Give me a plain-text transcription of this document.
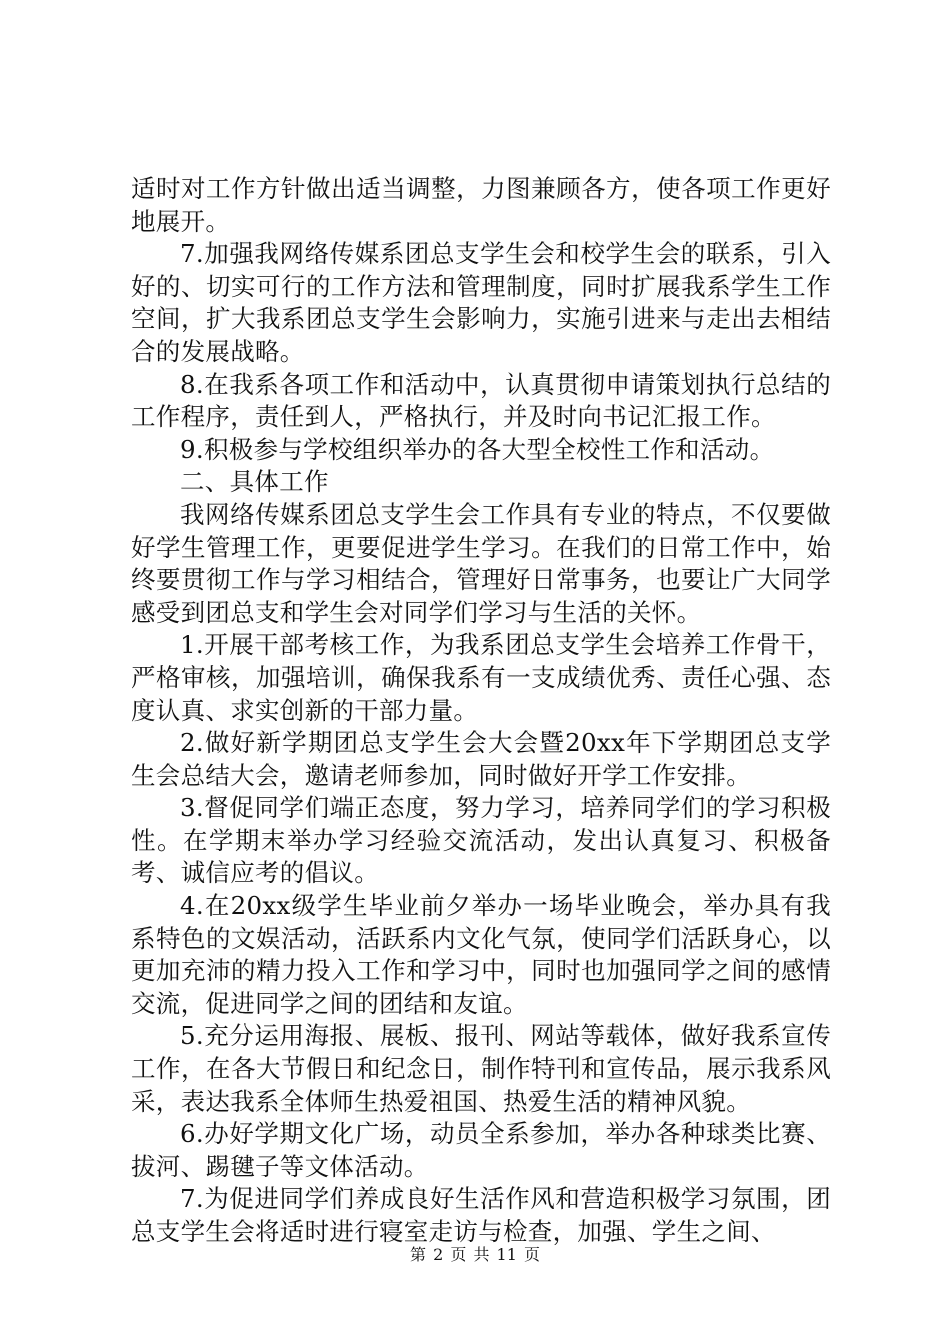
适时对工作方针做出适当调整，力图兼顾各方，使各项工作更好地展开。

7.加强我网络传媒系团总支学生会和校学生会的联系，引入好的、切实可行的工作方法和管理制度，同时扩展我系学生工作空间，扩大我系团总支学生会影响力，实施引进来与走出去相结合的发展战略。

8.在我系各项工作和活动中，认真贯彻申请策划执行总结的工作程序，责任到人，严格执行，并及时向书记汇报工作。

9.积极参与学校组织举办的各大型全校性工作和活动。

二、具体工作

我网络传媒系团总支学生会工作具有专业的特点，不仅要做好学生管理工作，更要促进学生学习。在我们的日常工作中，始终要贯彻工作与学习相结合，管理好日常事务，也要让广大同学感受到团总支和学生会对同学们学习与生活的关怀。

1.开展干部考核工作，为我系团总支学生会培养工作骨干，严格审核，加强培训，确保我系有一支成绩优秀、责任心强、态度认真、求实创新的干部力量。

2.做好新学期团总支学生会大会暨20xx年下学期团总支学生会总结大会，邀请老师参加，同时做好开学工作安排。

3.督促同学们端正态度，努力学习，培养同学们的学习积极性。在学期末举办学习经验交流活动，发出认真复习、积极备考、诚信应考的倡议。

4.在20xx级学生毕业前夕举办一场毕业晚会，举办具有我系特色的文娱活动，活跃系内文化气氛，使同学们活跃身心，以更加充沛的精力投入工作和学习中，同时也加强同学之间的感情交流，促进同学之间的团结和友谊。

5.充分运用海报、展板、报刊、网站等载体，做好我系宣传工作，在各大节假日和纪念日，制作特刊和宣传品，展示我系风采，表达我系全体师生热爱祖国、热爱生活的精神风貌。

6.办好学期文化广场，动员全系参加，举办各种球类比赛、拔河、踢毽子等文体活动。

7.为促进同学们养成良好生活作风和营造积极学习氛围，团总支学生会将适时进行寝室走访与检查，加强、学生之间、

第 2 页 共 11 页
